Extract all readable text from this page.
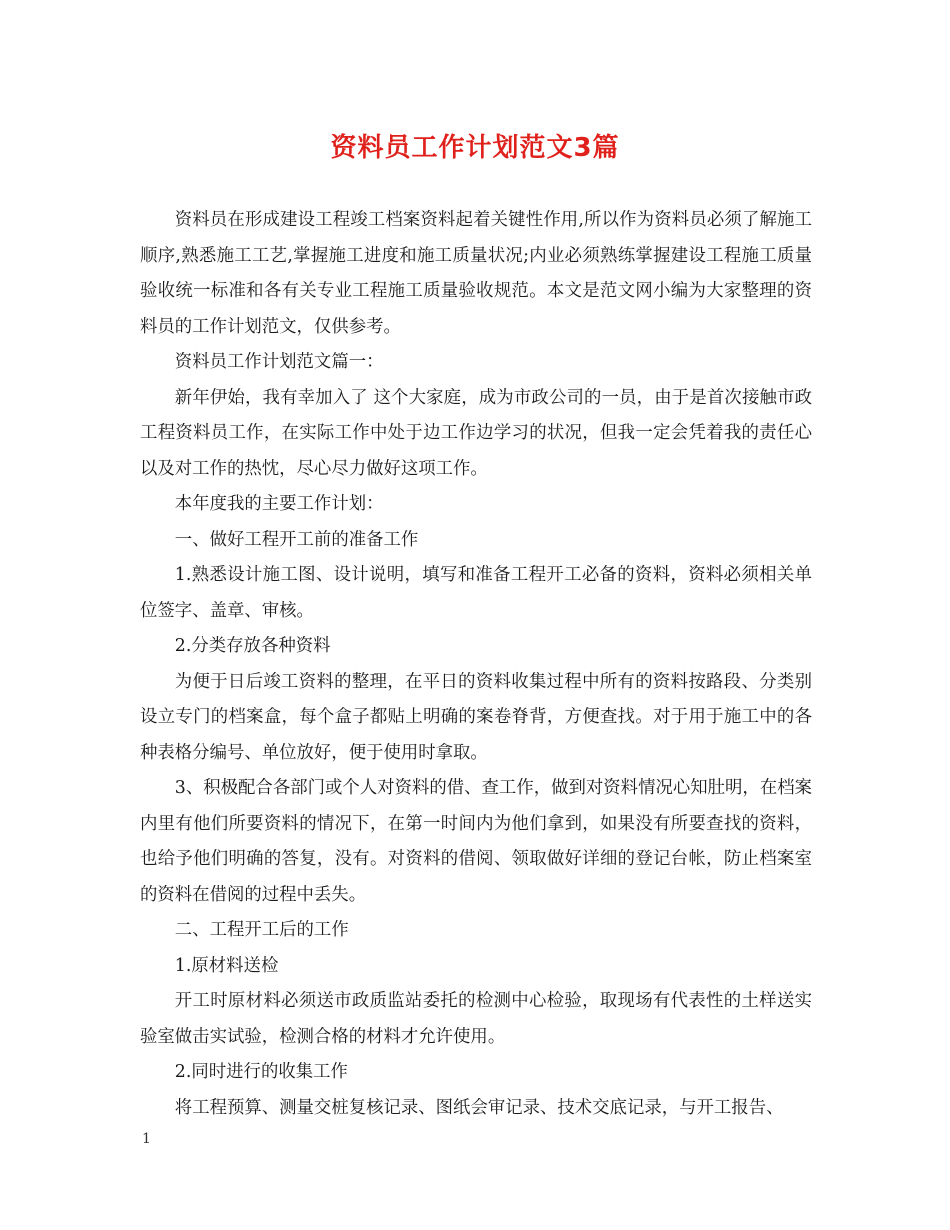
资料员工作计划范文3篇

资料员在形成建设工程竣工档案资料起着关键性作用,所以作为资料员必须了解施工顺序,熟悉施工工艺,掌握施工进度和施工质量状况;内业必须熟练掌握建设工程施工质量验收统一标准和各有关专业工程施工质量验收规范。本文是范文网小编为大家整理的资料员的工作计划范文，仅供参考。

资料员工作计划范文篇一：

新年伊始，我有幸加入了 这个大家庭，成为市政公司的一员，由于是首次接触市政工程资料员工作，在实际工作中处于边工作边学习的状况，但我一定会凭着我的责任心以及对工作的热忱，尽心尽力做好这项工作。

本年度我的主要工作计划：

一、做好工程开工前的准备工作

1.熟悉设计施工图、设计说明，填写和准备工程开工必备的资料，资料必须相关单位签字、盖章、审核。

2.分类存放各种资料

为便于日后竣工资料的整理，在平日的资料收集过程中所有的资料按路段、分类别设立专门的档案盒，每个盒子都贴上明确的案卷脊背，方便查找。对于用于施工中的各种表格分编号、单位放好，便于使用时拿取。

3、积极配合各部门或个人对资料的借、查工作，做到对资料情况心知肚明，在档案内里有他们所要资料的情况下，在第一时间内为他们拿到，如果没有所要查找的资料，也给予他们明确的答复，没有。对资料的借阅、领取做好详细的登记台帐，防止档案室的资料在借阅的过程中丢失。

二、工程开工后的工作

1.原材料送检

开工时原材料必须送市政质监站委托的检测中心检验，取现场有代表性的土样送实验室做击实试验，检测合格的材料才允许使用。

2.同时进行的收集工作

将工程预算、测量交桩复核记录、图纸会审记录、技术交底记录，与开工报告、

1
